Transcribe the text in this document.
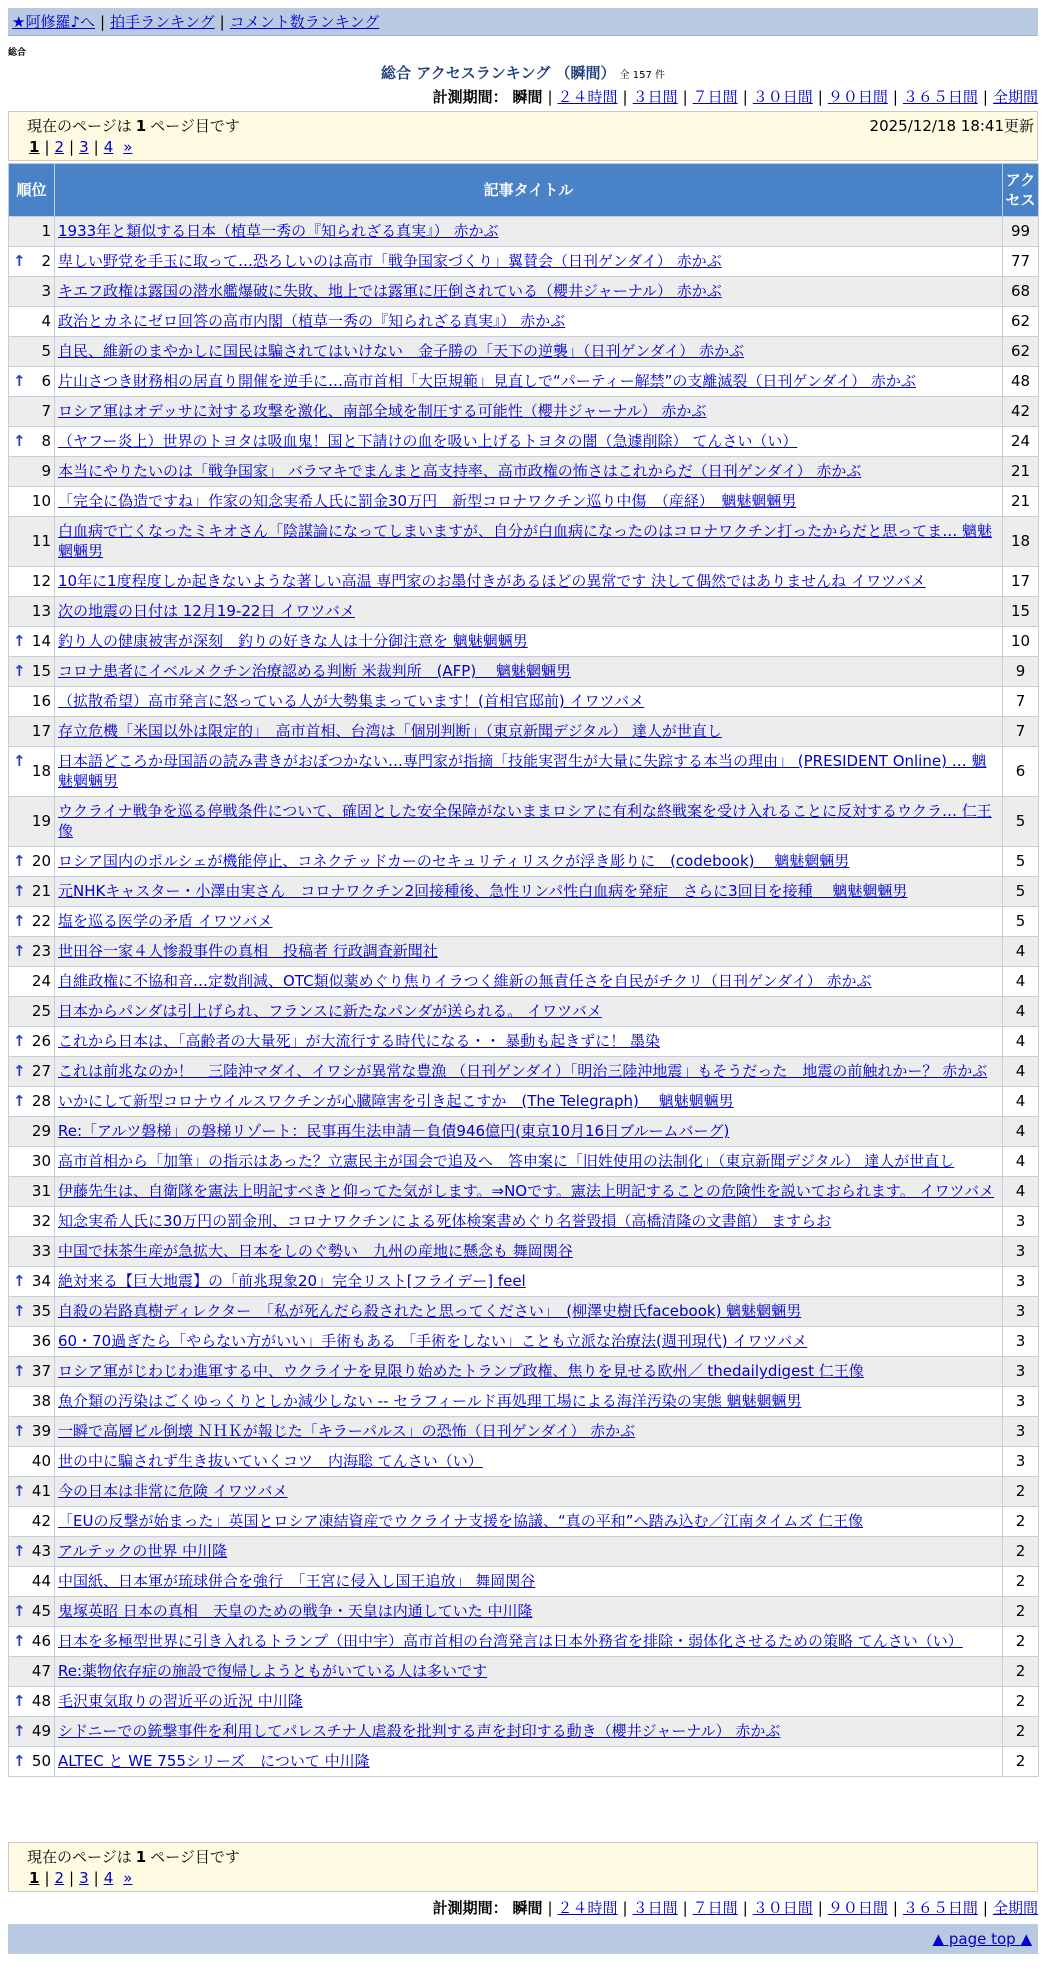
★阿修羅♪へ | 拍手ランキング | コメント数ランキング
総合
総合 アクセスランキング （瞬間） 全 157 件
計測期間： 瞬間 | ２４時間 | ３日間 | ７日間 | ３０日間 | ９０日間 | ３６５日間 | 全期間
現在のページは 1 ページ目です	2025/12/18 18:41更新
1 | 2 | 3 | 4 »
順位	記事タイトル	アクセス
1	1933年と類似する日本（植草一秀の『知られざる真実』） 赤かぶ	99

↑ 2	卑しい野党を手玉に取って…恐ろしいのは高市「戦争国家づくり」翼賛会（日刊ゲンダイ） 赤かぶ	77
3	キエフ政権は露国の潜水艦爆破に失敗、地上では露軍に圧倒されている（櫻井ジャーナル） 赤かぶ	68
4	政治とカネにゼロ回答の高市内閣（植草一秀の『知られざる真実』） 赤かぶ	62
5	自民、維新のまやかしに国民は騙されてはいけない　金子勝の「天下の逆襲」（日刊ゲンダイ） 赤かぶ	62

↑ 6	片山さつき財務相の居直り開催を逆手に…高市首相「大臣規範」見直しで“パーティー解禁”の支離滅裂（日刊ゲンダイ） 赤かぶ	48
7	ロシア軍はオデッサに対する攻撃を激化、南部全域を制圧する可能性（櫻井ジャーナル） 赤かぶ	42

↑ 8	（ヤフー炎上）世界のトヨタは吸血鬼！国と下請けの血を吸い上げるトヨタの闇（急遽削除） てんさい（い）	24
9	本当にやりたいのは「戦争国家」 バラマキでまんまと高支持率、高市政権の怖さはこれからだ（日刊ゲンダイ） 赤かぶ	21
10	「完全に偽造ですね」作家の知念実希人氏に罰金30万円　新型コロナワクチン巡り中傷　（産経）　魑魅魍魎男	21
11	白血病で亡くなったミキオさん「陰謀論になってしまいますが、自分が白血病になったのはコロナワクチン打ったからだと思ってま… 魑魅魍魎男	18
12	10年に1度程度しか起きないような著しい高温 専門家のお墨付きがあるほどの異常です 決して偶然ではありませんね イワツバメ	17
13	次の地震の日付は 12月19-22日 イワツバメ	15

↑ 14	釣り人の健康被害が深刻　釣りの好きな人は十分御注意を 魑魅魍魎男	10

↑ 15	コロナ患者にイベルメクチン治療認める判断 米裁判所　(AFP)　 魑魅魍魎男	9
16	（拡散希望）高市発言に怒っている人が大勢集まっています！(首相官邸前) イワツバメ	7
17	存立危機「米国以外は限定的」　高市首相、台湾は「個別判断」（東京新聞デジタル） 達人が世直し	7

↑
18	日本語どころか母国語の読み書きがおぼつかない…専門家が指摘「技能実習生が大量に失踪する本当の理由」 (PRESIDENT Online) … 魑魅魍魎男	6
19	ウクライナ戦争を巡る停戦条件について、確固とした安全保障がないままロシアに有利な終戦案を受け入れることに反対するウクラ… 仁王像	5

↑ 20	ロシア国内のポルシェが機能停止、コネクテッドカーのセキュリティリスクが浮き彫りに　(codebook)　 魑魅魍魎男	5

↑ 21	元NHKキャスター・小澤由実さん　コロナワクチン2回接種後、急性リンパ性白血病を発症　さらに3回目を接種　 魑魅魍魎男	5

↑ 22	塩を巡る医学の矛盾 イワツバメ	5

↑ 23	世田谷一家４人惨殺事件の真相　投稿者 行政調査新聞社	4
24	自維政権に不協和音…定数削減、OTC類似薬めぐり焦りイラつく維新の無責任さを自民がチクリ（日刊ゲンダイ） 赤かぶ	4
25	日本からパンダは引上げられ、フランスに新たなパンダが送られる。 イワツバメ	4

↑ 26	これから日本は、「高齢者の大量死」が大流行する時代になる・・ 暴動も起きずに！ 墨染	4

↑ 27	これは前兆なのか！　三陸沖マダイ、イワシが異常な豊漁 （日刊ゲンダイ）「明治三陸沖地震」もそうだった　地震の前触れかー？ 赤かぶ	4

↑ 28	いかにして新型コロナウイルスワクチンが心臓障害を引き起こすか　(The Telegraph)　 魑魅魍魎男	4
29	Re:「アルツ磐梯」の磐梯リゾート：民事再生法申請－負債946億円(東京10月16日ブルームバーグ)	4
30	高市首相から「加筆」の指示はあった？立憲民主が国会で追及へ　答申案に「旧姓使用の法制化」（東京新聞デジタル） 達人が世直し	4
31	伊藤先生は、自衛隊を憲法上明記すべきと仰ってた気がします。⇒NOです。憲法上明記することの危険性を説いておられます。 イワツバメ	4
32	知念実希人氏に30万円の罰金刑、コロナワクチンによる死体検案書めぐり名誉毀損（高橋清隆の文書館） ますらお	3
33	中国で抹茶生産が急拡大、日本をしのぐ勢い　九州の産地に懸念も 舞岡関谷	3

↑ 34	絶対来る【巨大地震】の「前兆現象20」完全リスト[フライデー] feel	3

↑ 35	自殺の岩路真樹ディレクター　「私が死んだら殺されたと思ってください」　(柳澤史樹氏facebook) 魑魅魍魎男	3
36	60・70過ぎたら「やらない方がいい」手術もある 「手術をしない」ことも立派な治療法(週刊現代) イワツバメ	3

↑ 37	ロシア軍がじわじわ進軍する中、ウクライナを見限り始めたトランプ政権、焦りを見せる欧州／ thedailydigest 仁王像	3
38	魚介類の汚染はごくゆっくりとしか減少しない -- セラフィールド再処理工場による海洋汚染の実態 魑魅魍魎男	3

↑ 39	一瞬で高層ビル倒壊 ＮＨＫが報じた「キラーパルス」の恐怖（日刊ゲンダイ） 赤かぶ	3
40	世の中に騙されず生き抜いていくコツ　内海聡 てんさい（い）	3

↑ 41	今の日本は非常に危険 イワツバメ	2
42	「EUの反撃が始まった」英国とロシア凍結資産でウクライナ支援を協議、“真の平和”へ踏み込む／江南タイムズ 仁王像	2

↑ 43	アルテックの世界 中川隆	2
44	中国紙、日本軍が琉球併合を強行　「王宮に侵入し国王追放」 舞岡関谷	2

↑ 45	鬼塚英昭 日本の真相　天皇のための戦争・天皇は内通していた 中川隆	2

↑ 46	日本を多極型世界に引き入れるトランプ（田中宇）高市首相の台湾発言は日本外務省を排除・弱体化させるための策略 てんさい（い）	2
47	Re:薬物依存症の施設で復帰しようともがいている人は多いです	2

↑ 48	毛沢東気取りの習近平の近況 中川隆	2

↑ 49	シドニーでの銃撃事件を利用してパレスチナ人虐殺を批判する声を封印する動き（櫻井ジャーナル） 赤かぶ	2

↑ 50	ALTEC と WE 755シリーズ　について 中川隆	2
現在のページは 1 ページ目です
1 | 2 | 3 | 4 »
計測期間： 瞬間 | ２４時間 | ３日間 | ７日間 | ３０日間 | ９０日間 | ３６５日間 | 全期間
▲ page top ▲
